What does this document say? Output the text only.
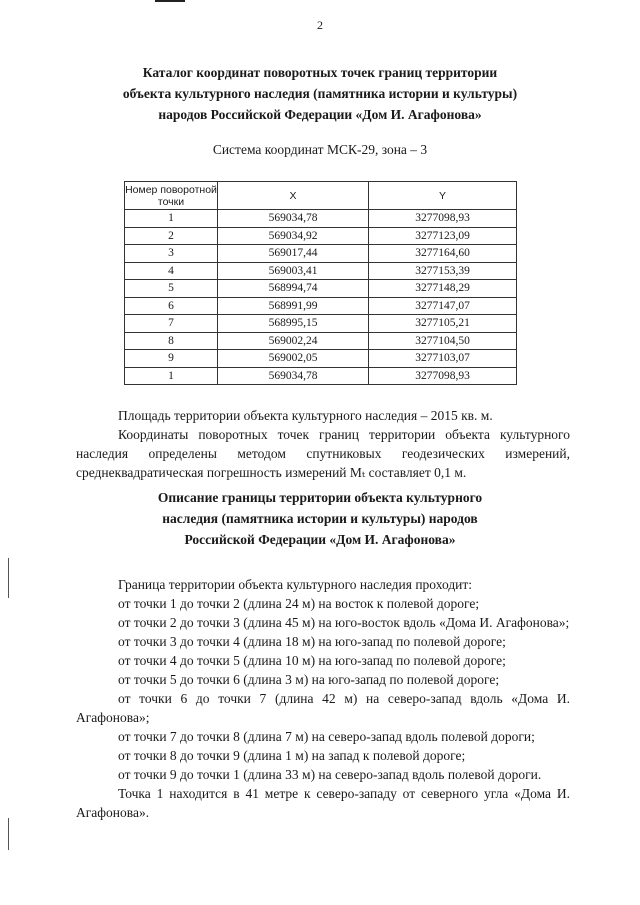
2
Каталог координат поворотных точек границ территории
объекта культурного наследия (памятника истории и культуры)
народов Российской Федерации «Дом И. Агафонова»
Система координат МСК-29, зона – 3
Номер поворотной точки	X	Y
1	569034,78	3277098,93
2	569034,92	3277123,09
3	569017,44	3277164,60
4	569003,41	3277153,39
5	568994,74	3277148,29
6	568991,99	3277147,07
7	568995,15	3277105,21
8	569002,24	3277104,50
9	569002,05	3277103,07
1	569034,78	3277098,93

Площадь территории объекта культурного наследия – 2015 кв. м.

Координаты поворотных точек границ территории объекта культурного наследия определены методом спутниковых геодезических измерений, среднеквадратическая погрешность измерений Mₜ составляет 0,1 м.

Описание границы территории объекта культурного
наследия (памятника истории и культуры) народов
Российской Федерации «Дом И. Агафонова»

Граница территории объекта культурного наследия проходит:

от точки 1 до точки 2 (длина 24 м) на восток к полевой дороге;

от точки 2 до точки 3 (длина 45 м) на юго-восток вдоль «Дома И. Агафонова»;

от точки 3 до точки 4 (длина 18 м) на юго-запад по полевой дороге;

от точки 4 до точки 5 (длина 10 м) на юго-запад по полевой дороге;

от точки 5 до точки 6 (длина 3 м) на юго-запад по полевой дороге;

от точки 6 до точки 7 (длина 42 м) на северо-запад вдоль «Дома И. Агафонова»;

от точки 7 до точки 8 (длина 7 м) на северо-запад вдоль полевой дороги;

от точки 8 до точки 9 (длина 1 м) на запад к полевой дороге;

от точки 9 до точки 1 (длина 33 м) на северо-запад вдоль полевой дороги.

Точка 1 находится в 41 метре к северо-западу от северного угла «Дома И. Агафонова».
